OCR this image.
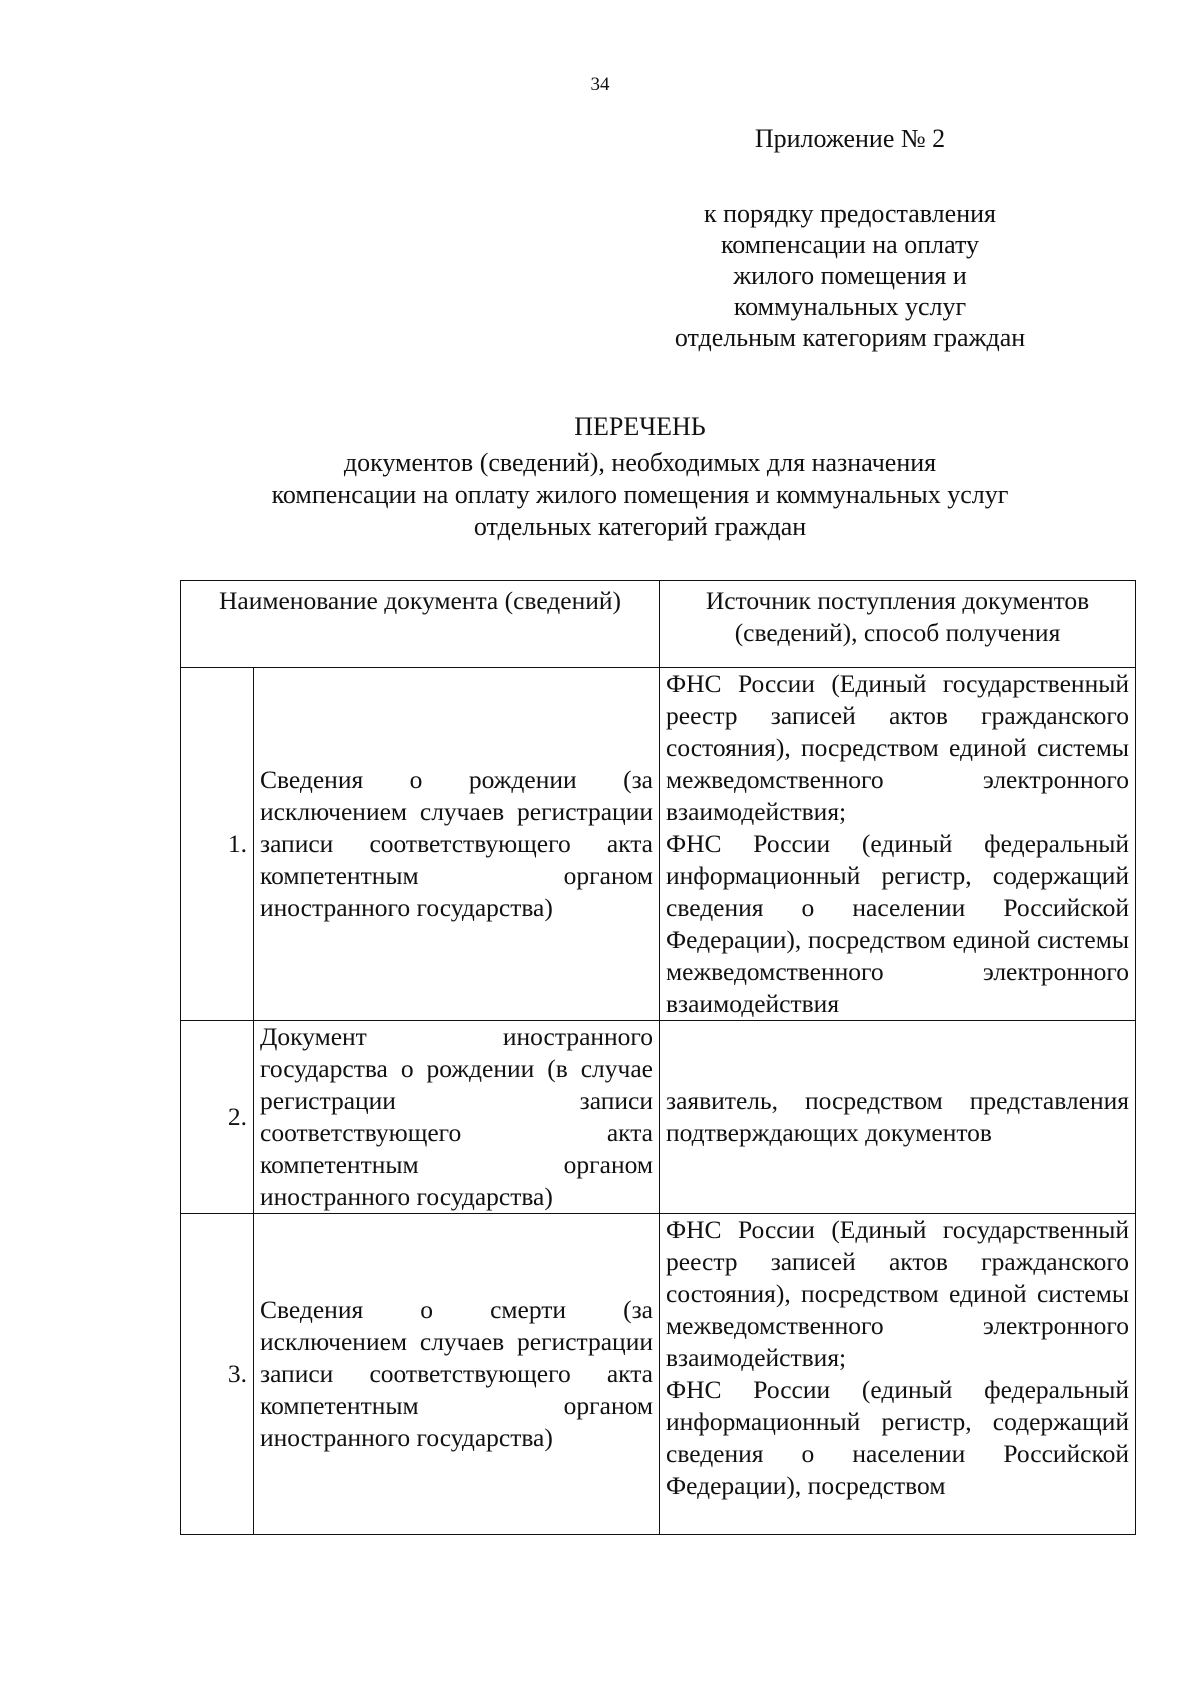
34
Приложение № 2
к порядку предоставления
компенсации на оплату
жилого помещения и
коммунальных услуг
отдельным категориям граждан
ПЕРЕЧЕНЬ
документов (сведений), необходимых для назначения
компенсации на оплату жилого помещения и коммунальных услуг
отдельных категорий граждан
Наименование документа (сведений)		Источник поступления документов (сведений), способ получения
1.	Сведения о рождении (за исключением случаев регистрации записи соответствующего акта компетентным органом иностранного государства)	ФНС России (Единый государственный реестр записей актов гражданского состояния), посредством единой системы межведомственного электронного взаимодействия;

ФНС России (единый федеральный информационный регистр, содержащий сведения о населении Российской Федерации), посредством единой системы межведомственного электронного взаимодействия

2.	Документ иностранного государства о рождении (в случае регистрации записи соответствующего акта компетентным органом иностранного государства)	заявитель, посредством представления подтверждающих документов

3.	Сведения о смерти (за исключением случаев регистрации записи соответствующего акта компетентным органом иностранного государства)	ФНС России (Единый государственный реестр записей актов гражданского состояния), посредством единой системы межведомственного электронного взаимодействия;

ФНС России (единый федеральный информационный регистр, содержащий сведения о населении Российской Федерации), посредством
